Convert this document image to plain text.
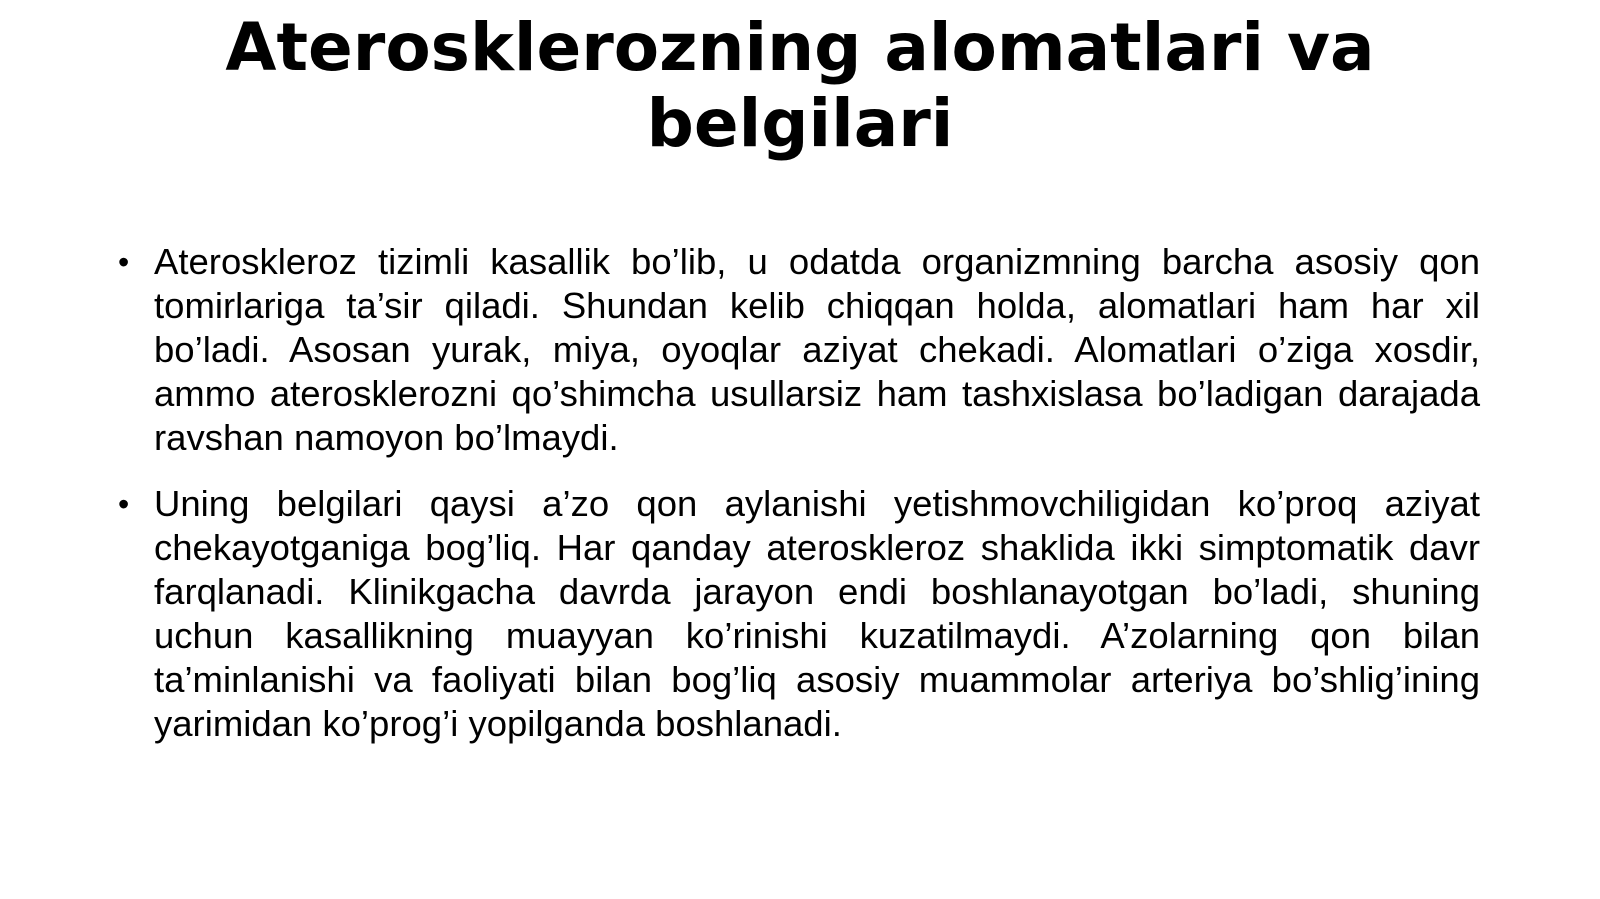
Aterosklerozning alomatlari va belgilari
• Ateroskleroz tizimli kasallik bo’lib, u odatda organizmning barcha asosiy qon tomirlariga ta’sir qiladi. Shundan kelib chiqqan holda, alomatlari ham har xil bo’ladi. Asosan yurak, miya, oyoqlar aziyat chekadi. Alomatlari o’ziga xosdir, ammo aterosklerozni qo’shimcha usullarsiz ham tashxislasa bo’ladigan darajada ravshan namoyon bo’lmaydi.
• Uning belgilari qaysi a’zo qon aylanishi yetishmovchiligidan ko’proq aziyat chekayotganiga bog’liq. Har qanday ateroskleroz shaklida ikki simptomatik davr farqlanadi. Klinikgacha davrda jarayon endi boshlanayotgan bo’ladi, shuning uchun kasallikning muayyan ko’rinishi kuzatilmaydi. A’zolarning qon bilan ta’minlanishi va faoliyati bilan bog’liq asosiy muammolar arteriya bo’shlig’ining yarimidan ko’prog’i yopilganda boshlanadi.
